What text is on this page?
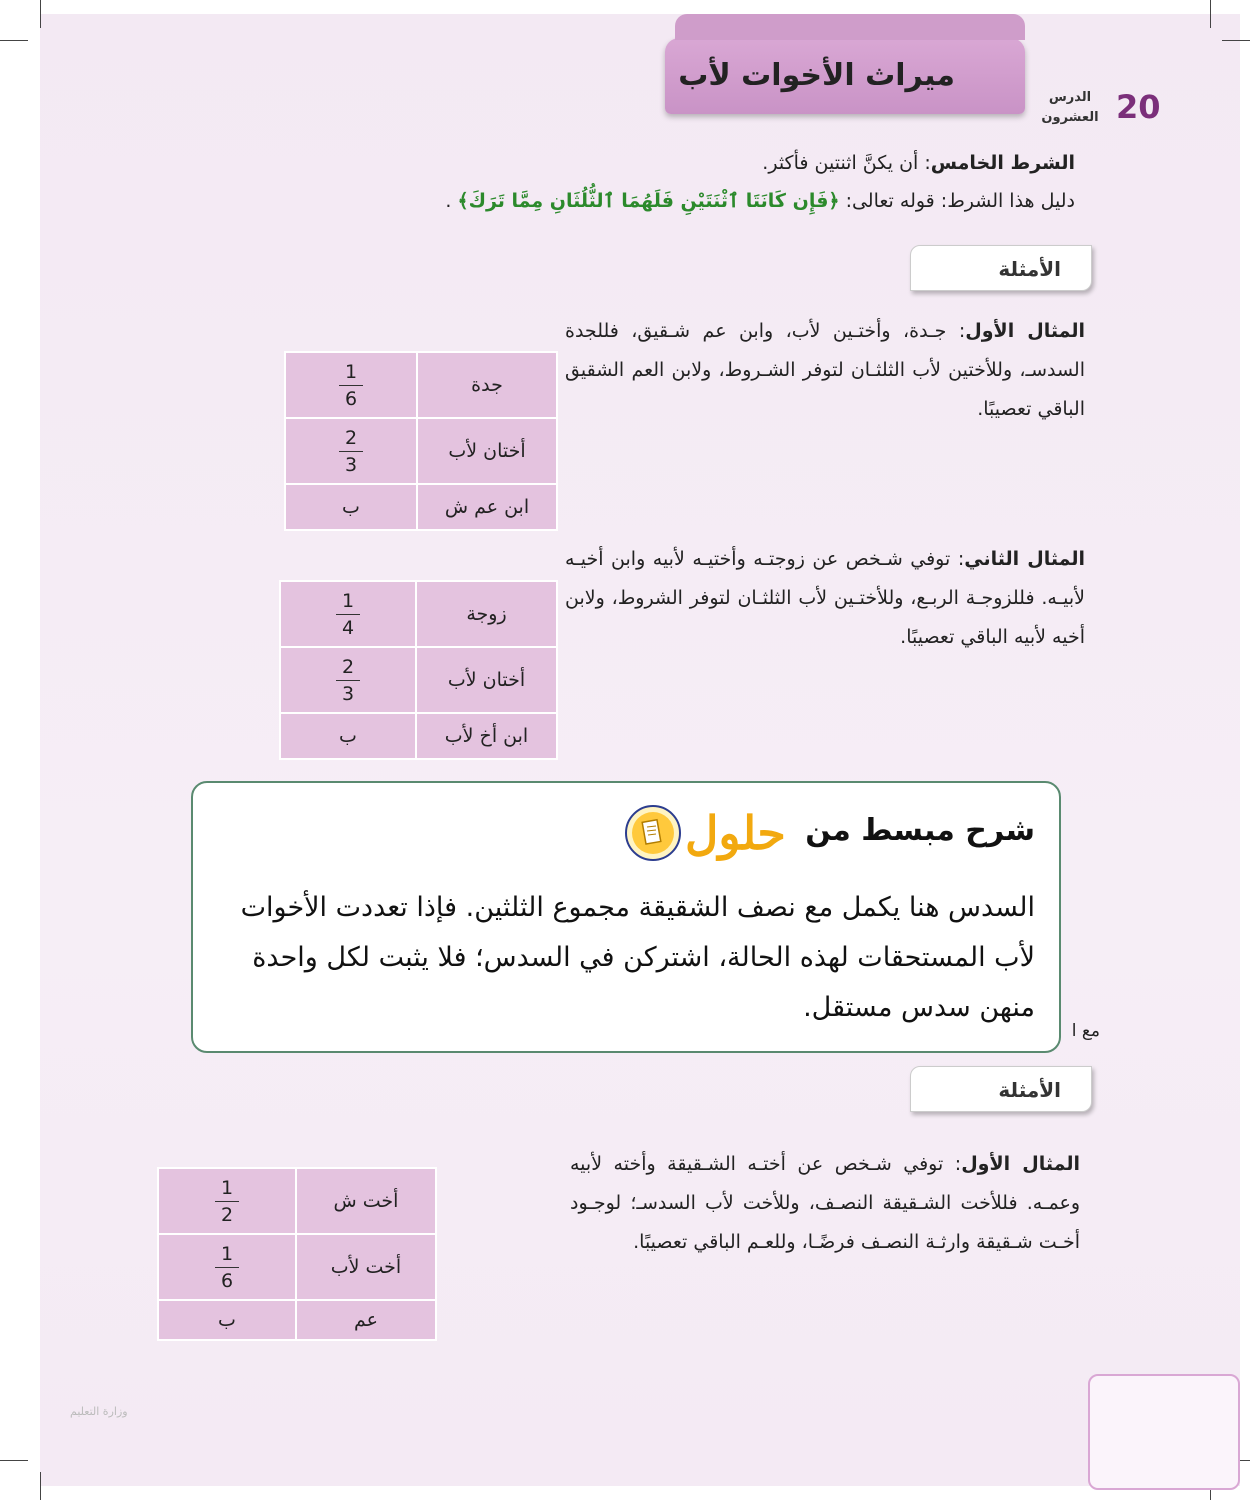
ميراث الأخوات لأب
الدرس
العشرون 20
الشرط الخامس: أن يكنَّ اثنتين فأكثر.
دليل هذا الشرط: قوله تعالى: ﴿فَإِن كَانَتَا ٱثْنَتَيْنِ فَلَهُمَا ٱلثُّلُثَانِ مِمَّا تَرَكَ﴾ .
الأمثلة
المثال الأول: جـدة، وأختـين لأب، وابن عم شـقيق، فللجدة السدسـ، وللأختين لأب الثلثـان لتوفر الشـروط، ولابن العم الشقيق الباقي تعصيبًا.
$\frac{1}{6}$	جدة

$\frac{2}{3}$	أختان لأب
ب	ابن عم ش
المثال الثاني: توفي شـخص عن زوجتـه وأختيـه لأبيه وابن أخيـه لأبيـه. فللزوجـة الربـع، وللأختـين لأب الثلثـان لتوفر الشروط، ولابن أخيه لأبيه الباقي تعصيبًا.
$\frac{1}{4}$	زوجة

$\frac{2}{3}$	أختان لأب
ب	ابن أخ لأب
مع ا
شرح مبسط من
حلول
السدس هنا يكمل مع نصف الشقيقة مجموع الثلثين. فإذا تعددت الأخوات لأب المستحقات لهذه الحالة، اشتركن في السدس؛ فلا يثبت لكل واحدة منهن سدس مستقل.
الأمثلة
المثال الأول: توفي شـخص عن أختـه الشـقيقة وأخته لأبيه وعمـه. فللأخت الشـقيقة النصـف، وللأخت لأب السدسـ؛ لوجـود أخـت شـقيقة وارثـة النصـف فرضًـا، وللعـم الباقي تعصيبًا.
$\frac{1}{2}$	أخت ش

$\frac{1}{6}$	أخت لأب
ب	عم
وزارة التعليم
